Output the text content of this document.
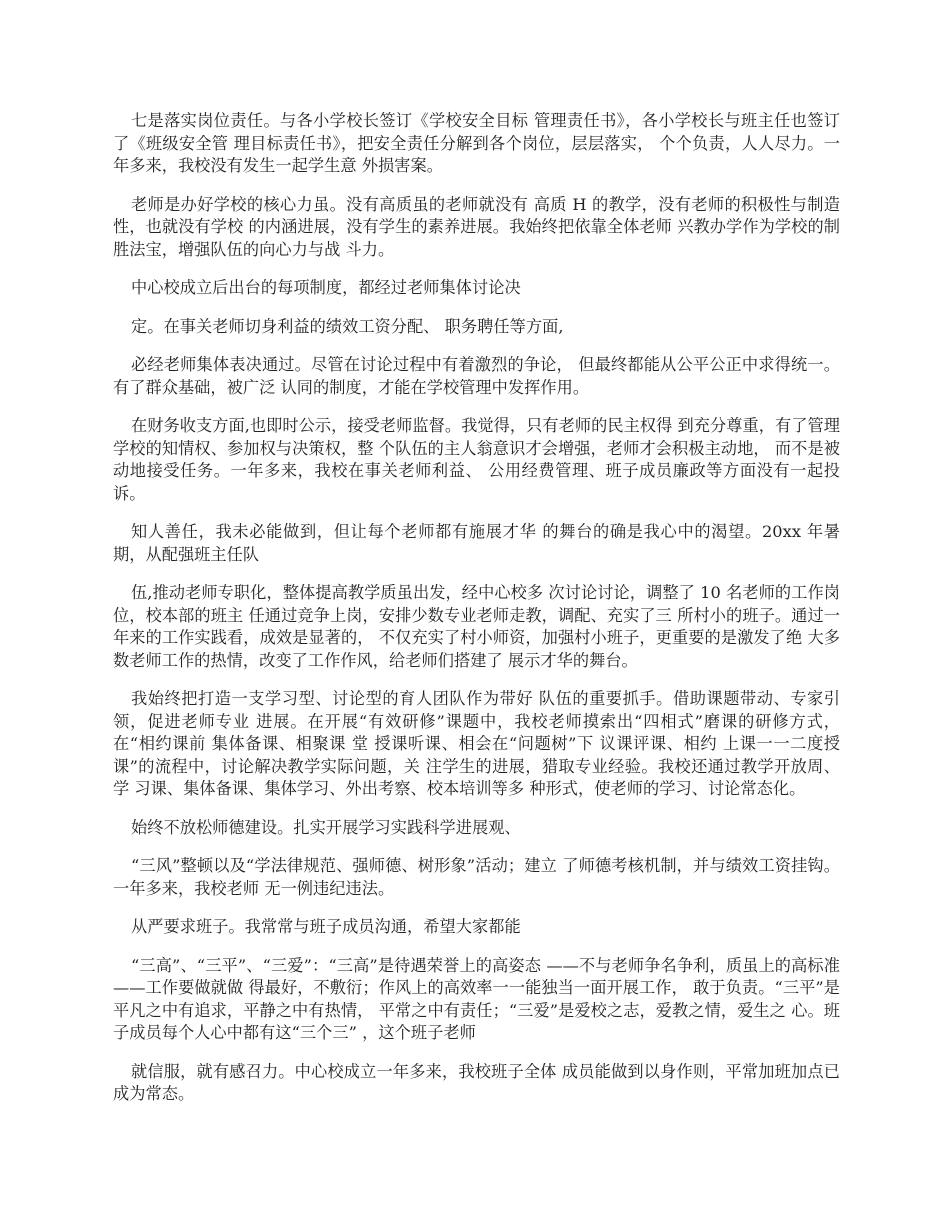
七是落实岗位责任。与各小学校长签订《学校安全目标 管理责任书》，各小学校长与班主任也签订了《班级安全管 理目标责任书》，把安全责任分解到各个岗位，层层落实， 个个负责，人人尽力。一年多来，我校没有发生一起学生意 外损害案。

老师是办好学校的核心力虽。没有高质虽的老师就没有 高质 H 的教学，没有老师的积极性与制造性，也就没有学校 的内涵进展，没有学生的素养进展。我始终把依靠全体老师 兴教办学作为学校的制胜法宝，增强队伍的向心力与战 斗力。

中心校成立后出台的每项制度，都经过老师集体讨论决

定。在事关老师切身利益的绩效工资分配、 职务聘任等方面,

必经老师集体表决通过。尽管在讨论过程中有着激烈的争论， 但最终都能从公平公正中求得统一。有了群众基础，被广泛 认同的制度，才能在学校管理中发挥作用。

在财务收支方面,也即时公示，接受老师监督。我觉得，只有老师的民主权得 到充分尊重，有了管理学校的知情权、参加权与决策权，整 个队伍的主人翁意识才会增强，老师才会积极主动地， 而不是被动地接受任务。一年多来，我校在事关老师利益、 公用经费管理、班子成员廉政等方面没有一起投诉。

知人善任，我未必能做到，但让每个老师都有施展才华 的舞台的确是我心中的渴望。20xx 年暑期，从配强班主任队

伍,推动老师专职化，整体提高教学质虽出发，经中心校多 次讨论讨论，调整了 10 名老师的工作岗位，校本部的班主 任通过竞争上岗，安排少数专业老师走教，调配、充实了三 所村小的班子。通过一年来的工作实践看，成效是显著的， 不仅充实了村小师资，加强村小班子，更重要的是激发了绝 大多数老师工作的热情，改变了工作作风，给老师们搭建了 展示才华的舞台。

我始终把打造一支学习型、讨论型的育人团队作为带好 队伍的重要抓手。借助课题带动、专家引领，促进老师专业 进展。在开展“有效研修”课题中，我校老师摸索出“四相式”磨课的研修方式，在“相约课前 集体备课、相聚课 堂 授课听课、相会在“问题树”下 议课评课、相约 上课一一二度授课”的流程中，讨论解决教学实际问题，关 注学生的进展，猎取专业经验。我校还通过教学开放周、学 习课、集体备课、集体学习、外出考察、校本培训等多 种形式，使老师的学习、讨论常态化。

始终不放松师德建设。扎实开展学习实践科学进展观、

“三风”整顿以及“学法律规范、强师德、树形象”活动；建立 了师德考核机制，并与绩效工资挂钩。一年多来，我校老师 无一例违纪违法。

从严要求班子。我常常与班子成员沟通，希望大家都能

“三高”、“三平”、“三爱”：“三高”是待遇荣誉上的高姿态 ——不与老师争名争利，质虽上的高标准——工作要做就做 得最好，不敷衍；作风上的高效率一一能独当一面开展工作， 敢于负责。“三平”是平凡之中有追求，平静之中有热情， 平常之中有责任；“三爱”是爱校之志，爱教之情，爱生之 心。班子成员每个人心中都有这“三个三” ，这个班子老师

就信服，就有感召力。中心校成立一年多来，我校班子全体 成员能做到以身作则，平常加班加点已成为常态。
